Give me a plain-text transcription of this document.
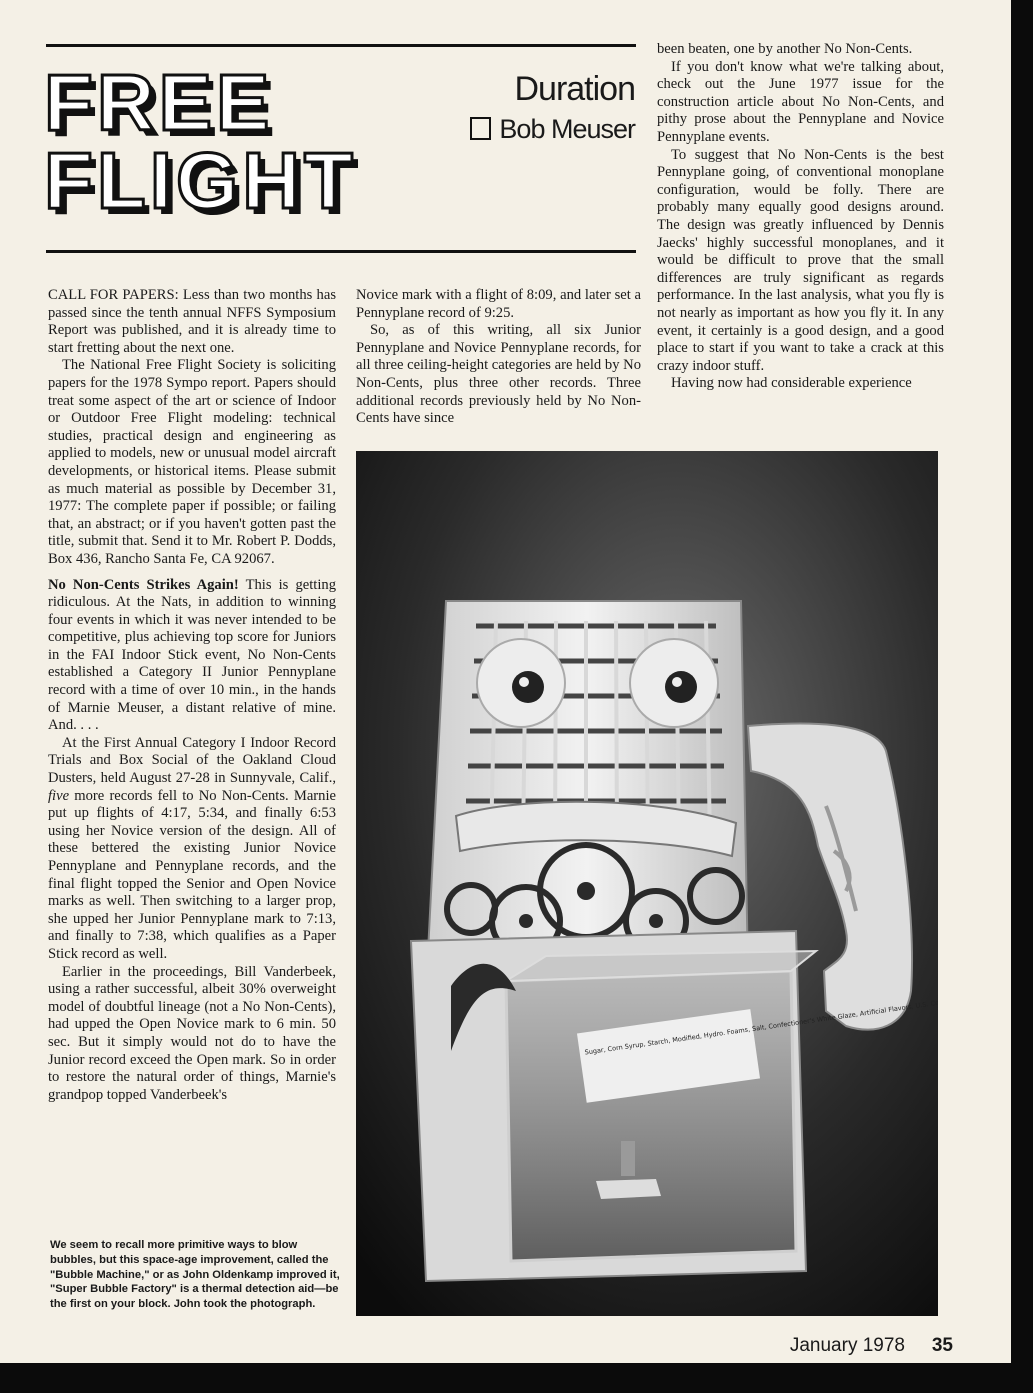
FREE
FLIGHT
Duration
Bob Meuser

CALL FOR PAPERS: Less than two months has passed since the tenth annual NFFS Symposium Report was published, and it is already time to start fretting about the next one.

The National Free Flight Society is soliciting papers for the 1978 Sympo report. Papers should treat some aspect of the art or science of Indoor or Outdoor Free Flight modeling: technical studies, practical design and engineering as applied to models, new or unusual model aircraft developments, or historical items. Please submit as much material as possible by December 31, 1977: The complete paper if possible; or failing that, an abstract; or if you haven't gotten past the title, submit that. Send it to Mr. Robert P. Dodds, Box 436, Rancho Santa Fe, CA 92067.

No Non-Cents Strikes Again! This is getting ridiculous. At the Nats, in addition to winning four events in which it was never intended to be competitive, plus achieving top score for Juniors in the FAI Indoor Stick event, No Non-Cents established a Category II Junior Pennyplane record with a time of over 10 min., in the hands of Marnie Meuser, a distant relative of mine. And. . . .

At the First Annual Category I Indoor Record Trials and Box Social of the Oakland Cloud Dusters, held August 27-28 in Sunnyvale, Calif., five more records fell to No Non-Cents. Marnie put up flights of 4:17, 5:34, and finally 6:53 using her Novice version of the design. All of these bettered the existing Junior Novice Pennyplane and Pennyplane records, and the final flight topped the Senior and Open Novice marks as well. Then switching to a larger prop, she upped her Junior Pennyplane mark to 7:13, and finally to 7:38, which qualifies as a Paper Stick record as well.

Earlier in the proceedings, Bill Vanderbeek, using a rather successful, albeit 30% overweight model of doubtful lineage (not a No Non-Cents), had upped the Open Novice mark to 6 min. 50 sec. But it simply would not do to have the Junior record exceed the Open mark. So in order to restore the natural order of things, Marnie's grandpop topped Vanderbeek's

Novice mark with a flight of 8:09, and later set a Pennyplane record of 9:25.

So, as of this writing, all six Junior Pennyplane and Novice Pennyplane records, for all three ceiling-height categories are held by No Non-Cents, plus three other records. Three additional records previously held by No Non-Cents have since

been beaten, one by another No Non-Cents.

If you don't know what we're talking about, check out the June 1977 issue for the construction article about No Non-Cents, and pithy prose about the Pennyplane and Novice Pennyplane events.

To suggest that No Non-Cents is the best Pennyplane going, of conventional monoplane configuration, would be folly. There are probably many equally good designs around. The design was greatly influenced by Dennis Jaecks' highly successful monoplanes, and it would be difficult to prove that the small differences are truly significant as regards performance. In the last analysis, what you fly is not nearly as important as how you fly it. In any event, it certainly is a good design, and a good place to start if you want to take a crack at this crazy indoor stuff.

Having now had considerable experience

Sugar, Corn Syrup, Starch, Modified, Hydro. Foams, Salt, Confectioner's White Glaze, Artificial Flavors, U.S. Certified
We seem to recall more primitive ways to blow bubbles, but this space-age improvement, called the "Bubble Machine," or as John Oldenkamp improved it, "Super Bubble Factory" is a thermal detection aid—be the first on your block. John took the photograph.
January 1978 35
